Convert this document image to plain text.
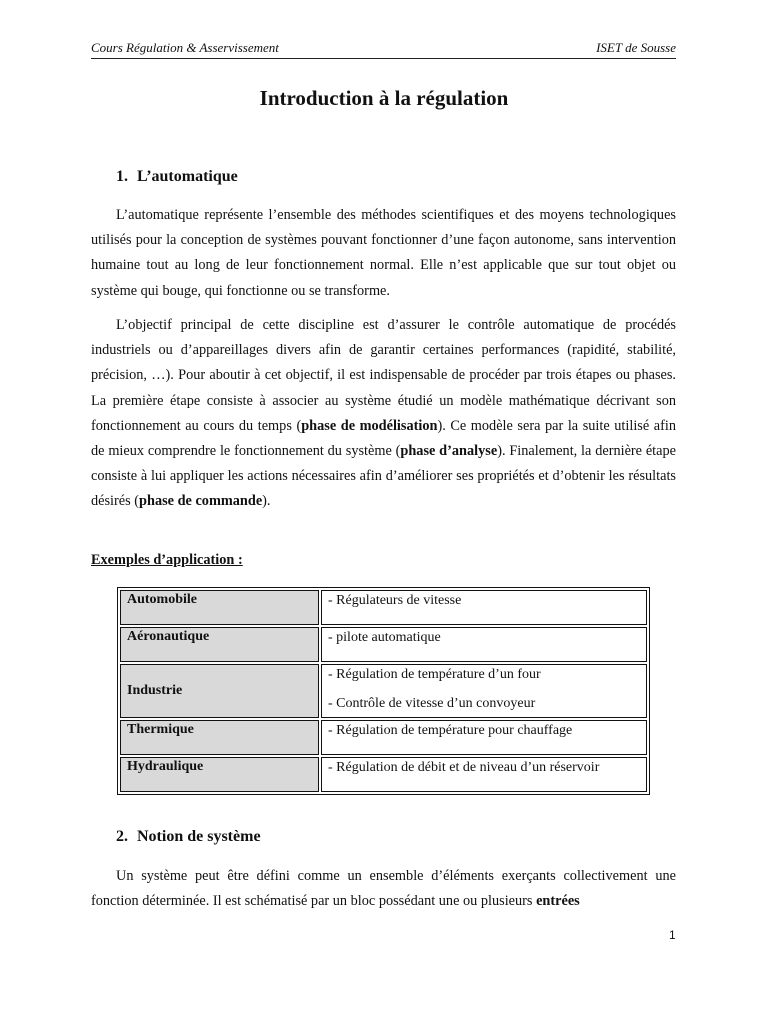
Cours Régulation & Asservissement	ISET de Sousse
Introduction à la régulation
1. L’automatique

L’automatique représente l’ensemble des méthodes scientifiques et des moyens technologiques utilisés pour la conception de systèmes pouvant fonctionner d’une façon autonome, sans intervention humaine tout au long de leur fonctionnement normal. Elle n’est applicable que sur tout objet ou système qui bouge, qui fonctionne ou se transforme.

L’objectif principal de cette discipline est d’assurer le contrôle automatique de procédés industriels ou d’appareillages divers afin de garantir certaines performances (rapidité, stabilité, précision, …). Pour aboutir à cet objectif, il est indispensable de procéder par trois étapes ou phases. La première étape consiste à associer au système étudié un modèle mathématique décrivant son fonctionnement au cours du temps (phase de modélisation). Ce modèle sera par la suite utilisé afin de mieux comprendre le fonctionnement du système (phase d’analyse). Finalement, la dernière étape consiste à lui appliquer les actions nécessaires afin d’améliorer ses propriétés et d’obtenir les résultats désirés (phase de commande).

Exemples d’application :
Automobile	- Régulateurs de vitesse

Aéronautique	- pilote automatique

Industrie	- Régulation de température d’un four
- Contrôle de vitesse d’un convoyeur

Thermique	- Régulation de température pour chauffage

Hydraulique	- Régulation de débit et de niveau d’un réservoir
2. Notion de système

Un système peut être défini comme un ensemble d’éléments exerçants collectivement une fonction déterminée. Il est schématisé par un bloc possédant une ou plusieurs entrées

1
